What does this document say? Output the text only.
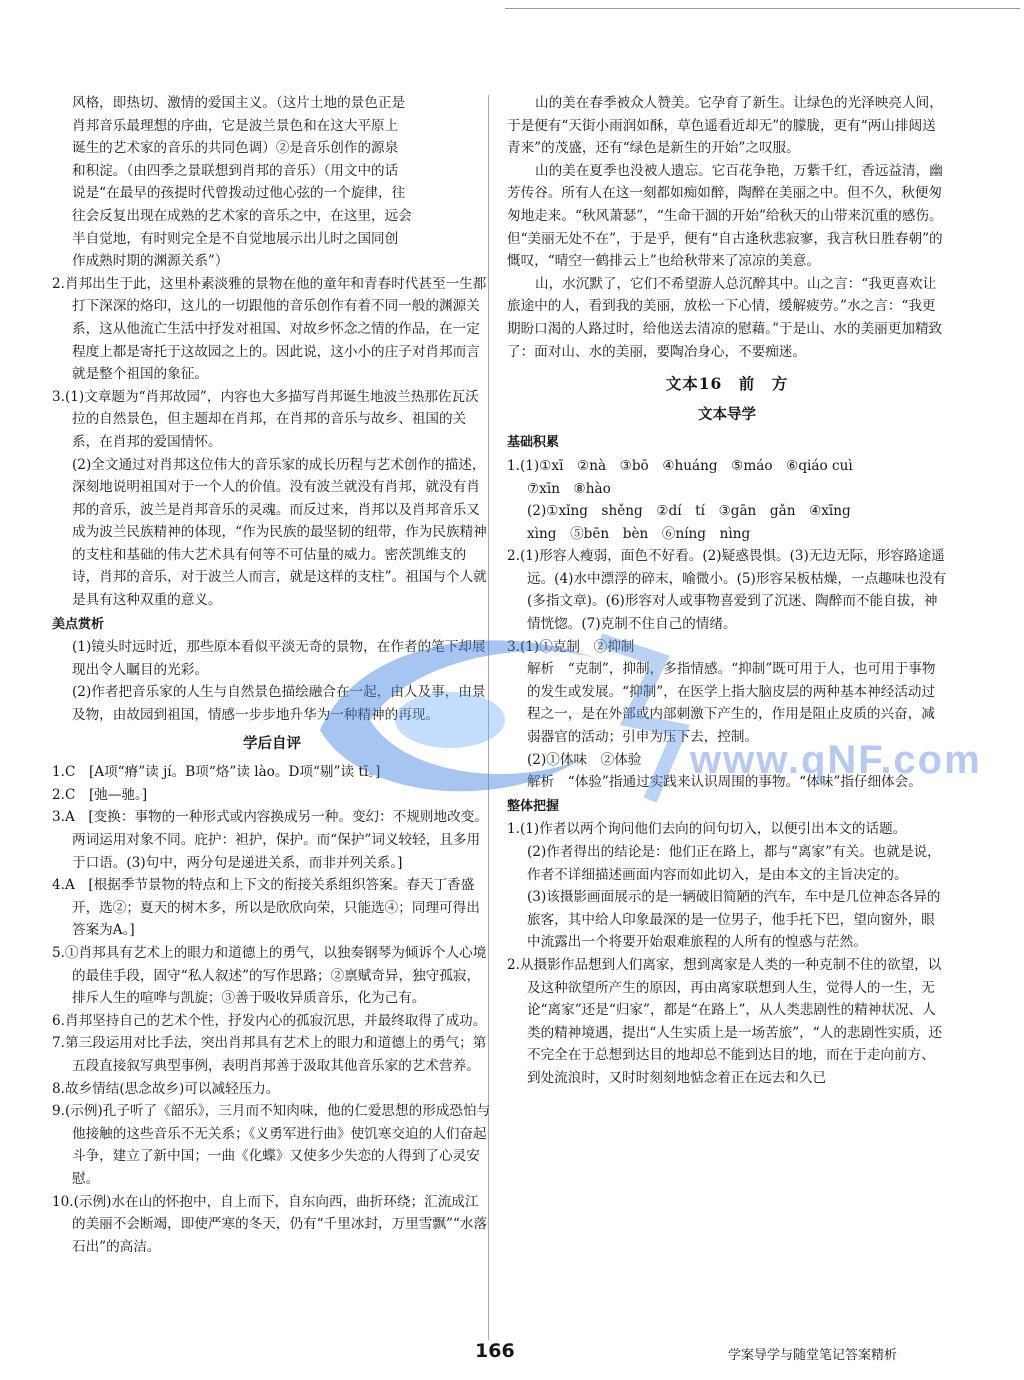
风格，即热切、激情的爱国主义。（这片土地的景色正是

肖邦音乐最理想的序曲，它是波兰景色和在这大平原上

诞生的艺术家的音乐的共同色调）②是音乐创作的源泉

和积淀。（由四季之景联想到肖邦的音乐）（用文中的话

说是“在最早的孩提时代曾拨动过他心弦的一个旋律，往

往会反复出现在成熟的艺术家的音乐之中，在这里，远会

半自觉地，有时则完全是不自觉地展示出儿时之国同创

作成熟时期的渊源关系”）

2.肖邦出生于此，这里朴素淡雅的景物在他的童年和青春时代甚至一生都打下深深的烙印，这儿的一切跟他的音乐创作有着不同一般的渊源关系，这从他流亡生活中抒发对祖国、对故乡怀念之情的作品，在一定程度上都是寄托于这故园之上的。因此说，这小小的庄子对肖邦而言就是整个祖国的象征。

3.(1)文章题为“肖邦故园”，内容也大多描写肖邦诞生地波兰热那佐瓦沃拉的自然景色，但主题却在肖邦，在肖邦的音乐与故乡、祖国的关系，在肖邦的爱国情怀。

(2)全文通过对肖邦这位伟大的音乐家的成长历程与艺术创作的描述，深刻地说明祖国对于一个人的价值。没有波兰就没有肖邦，就没有肖邦的音乐，波兰是肖邦音乐的灵魂。而反过来，肖邦以及肖邦音乐又成为波兰民族精神的体现，“作为民族的最坚韧的纽带，作为民族精神的支柱和基础的伟大艺术具有何等不可估量的威力。密茨凯维支的诗，肖邦的音乐，对于波兰人而言，就是这样的支柱”。祖国与个人就是具有这种双重的意义。

美点赏析

(1)镜头时远时近，那些原本看似平淡无奇的景物，在作者的笔下却展现出令人瞩目的光彩。

(2)作者把音乐家的人生与自然景色描绘融合在一起，由人及事，由景及物，由故园到祖国，情感一步步地升华为一种精神的再现。

学后自评

1.C　[A项“瘠”读 jí。B项“烙”读 lào。D项“剔”读 tī。]

2.C　[弛—驰。]

3.A　[变换：事物的一种形式或内容换成另一种。变幻：不规则地改变。两词运用对象不同。庇护：袒护，保护。而“保护”词义较轻，且多用于口语。(3)句中，两分句是递进关系，而非并列关系。]

4.A　[根据季节景物的特点和上下文的衔接关系组织答案。春天丁香盛开，选②；夏天的树木多，所以是欣欣向荣，只能选④；同理可得出答案为A。]

5.①肖邦具有艺术上的眼力和道德上的勇气，以独奏钢琴为倾诉个人心境的最佳手段，固守“私人叙述”的写作思路；②禀赋奇异，独守孤寂，排斥人生的喧哗与凯旋；③善于吸收异质音乐，化为己有。

6.肖邦坚持自己的艺术个性，抒发内心的孤寂沉思，并最终取得了成功。

7.第三段运用对比手法，突出肖邦具有艺术上的眼力和道德上的勇气；第五段直接叙写典型事例，表明肖邦善于汲取其他音乐家的艺术营养。

8.故乡情结(思念故乡)可以减轻压力。

9.(示例)孔子听了《韶乐》，三月而不知肉味，他的仁爱思想的形成恐怕与他接触的这些音乐不无关系；《义勇军进行曲》使饥寒交迫的人们奋起斗争，建立了新中国；一曲《化蝶》又使多少失恋的人得到了心灵安慰。

10.(示例)水在山的怀抱中，自上而下，自东向西，曲折环绕；汇流成江的美丽不会断竭，即使严寒的冬天，仍有“千里冰封，万里雪飘”“水落石出”的高洁。

山的美在春季被众人赞美。它孕育了新生。让绿色的光泽映亮人间，于是便有“天街小雨润如酥，草色遥看近却无”的朦胧，更有“两山排闼送青来”的茂盛，还有“绿色是新生的开始”之叹服。

山的美在夏季也没被人遗忘。它百花争艳，万紫千红，香远益清，幽芳传谷。所有人在这一刻都如痴如醉，陶醉在美丽之中。但不久，秋便匆匆地走来。“秋风萧瑟”，“生命干涸的开始”给秋天的山带来沉重的感伤。但“美丽无处不在”，于是乎，便有“自古逢秋悲寂寥，我言秋日胜春朝”的慨叹，“晴空一鹤排云上”也给秋带来了凉凉的美意。

山，水沉默了，它们不希望游人总沉醉其中。山之言：“我更喜欢让旅途中的人，看到我的美丽，放松一下心情，缓解疲劳。”水之言：“我更期盼口渴的人路过时，给他送去清凉的慰藉。”于是山、水的美丽更加精致了：面对山、水的美丽，要陶冶身心，不要痴迷。

文本16　前　方

文本导学

基础积累

1.(1)①xī　②nà　③bō　④huáng　⑤máo　⑥qiáo cuì

⑦xīn　⑧hào

(2)①xǐng　shěng　②dí　tí　③gān　gǎn　④xīng

xìng　⑤bēn　bèn　⑥níng　nìng

2.(1)形容人瘦弱，面色不好看。(2)疑惑畏惧。(3)无边无际，形容路途遥远。(4)水中漂浮的碎末，喻微小。(5)形容呆板枯燥，一点趣味也没有(多指文章)。(6)形容对人或事物喜爱到了沉迷、陶醉而不能自拔，神情恍惚。(7)克制不住自己的情绪。

3.(1)①克制　②抑制

解析　“克制”，抑制，多指情感。“抑制”既可用于人，也可用于事物的发生或发展。“抑制”，在医学上指大脑皮层的两种基本神经活动过程之一，是在外部或内部刺激下产生的，作用是阻止皮质的兴奋，减弱器官的活动；引申为压下去，控制。

(2)①体味　②体验

解析　“体验”指通过实践来认识周围的事物。“体味”指仔细体会。

整体把握

1.(1)作者以两个询问他们去向的问句切入，以便引出本文的话题。

(2)作者得出的结论是：他们正在路上，都与“离家”有关。也就是说，作者不详细描述画面内容而如此切入，是由本文的主旨决定的。

(3)该摄影画面展示的是一辆破旧简陋的汽车，车中是几位神态各异的旅客，其中给人印象最深的是一位男子，他手托下巴，望向窗外，眼中流露出一个将要开始艰难旅程的人所有的惶惑与茫然。

2.从摄影作品想到人们离家，想到离家是人类的一种克制不住的欲望，以及这种欲望所产生的原因，再由离家联想到人生，觉得人的一生，无论“离家”还是“归家”，都是“在路上”，从人类悲剧性的精神状况、人类的精神境遇，提出“人生实质上是一场苦旅”，“人的悲剧性实质，还不完全在于总想到达目的地却总不能到达目的地，而在于走向前方、到处流浪时，又时时刻刻地惦念着正在远去和久已

www.qNF.com
166	学案导学与随堂笔记答案精析
